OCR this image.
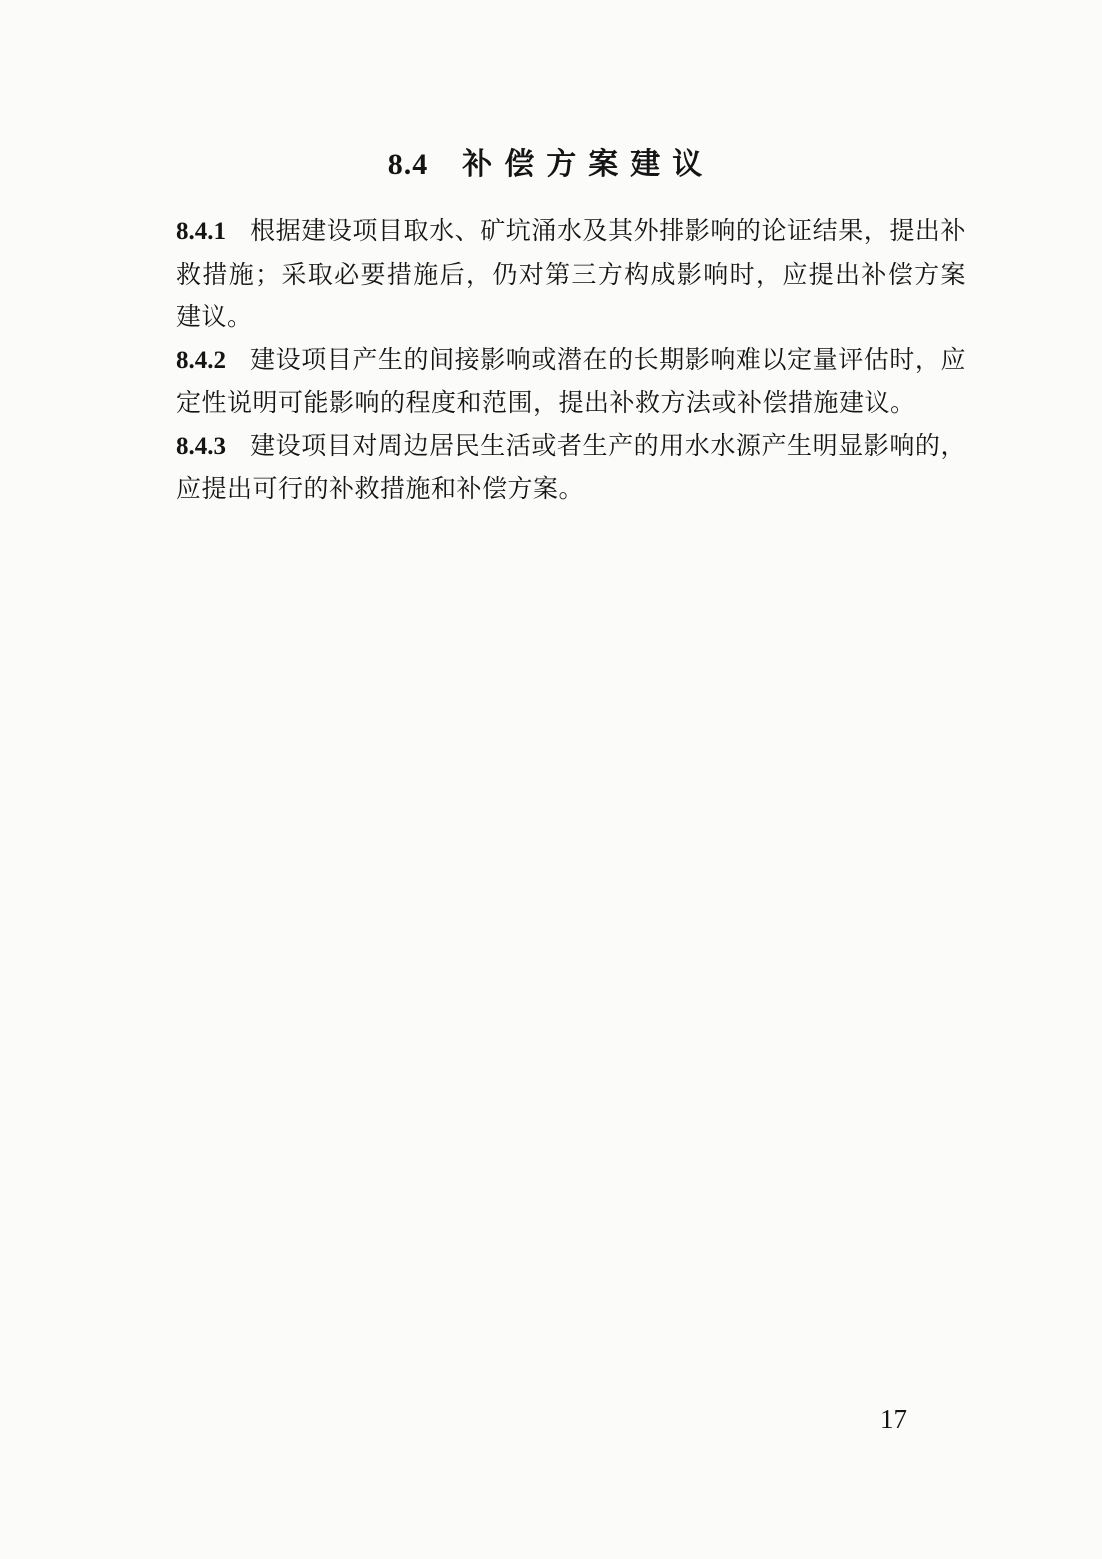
8.4 补偿方案建议

8.4.1 根据建设项目取水、矿坑涌水及其外排影响的论证结果，提出补救措施；采取必要措施后，仍对第三方构成影响时，应提出补偿方案建议。

8.4.2 建设项目产生的间接影响或潜在的长期影响难以定量评估时，应定性说明可能影响的程度和范围，提出补救方法或补偿措施建议。

8.4.3 建设项目对周边居民生活或者生产的用水水源产生明显影响的，应提出可行的补救措施和补偿方案。

17
